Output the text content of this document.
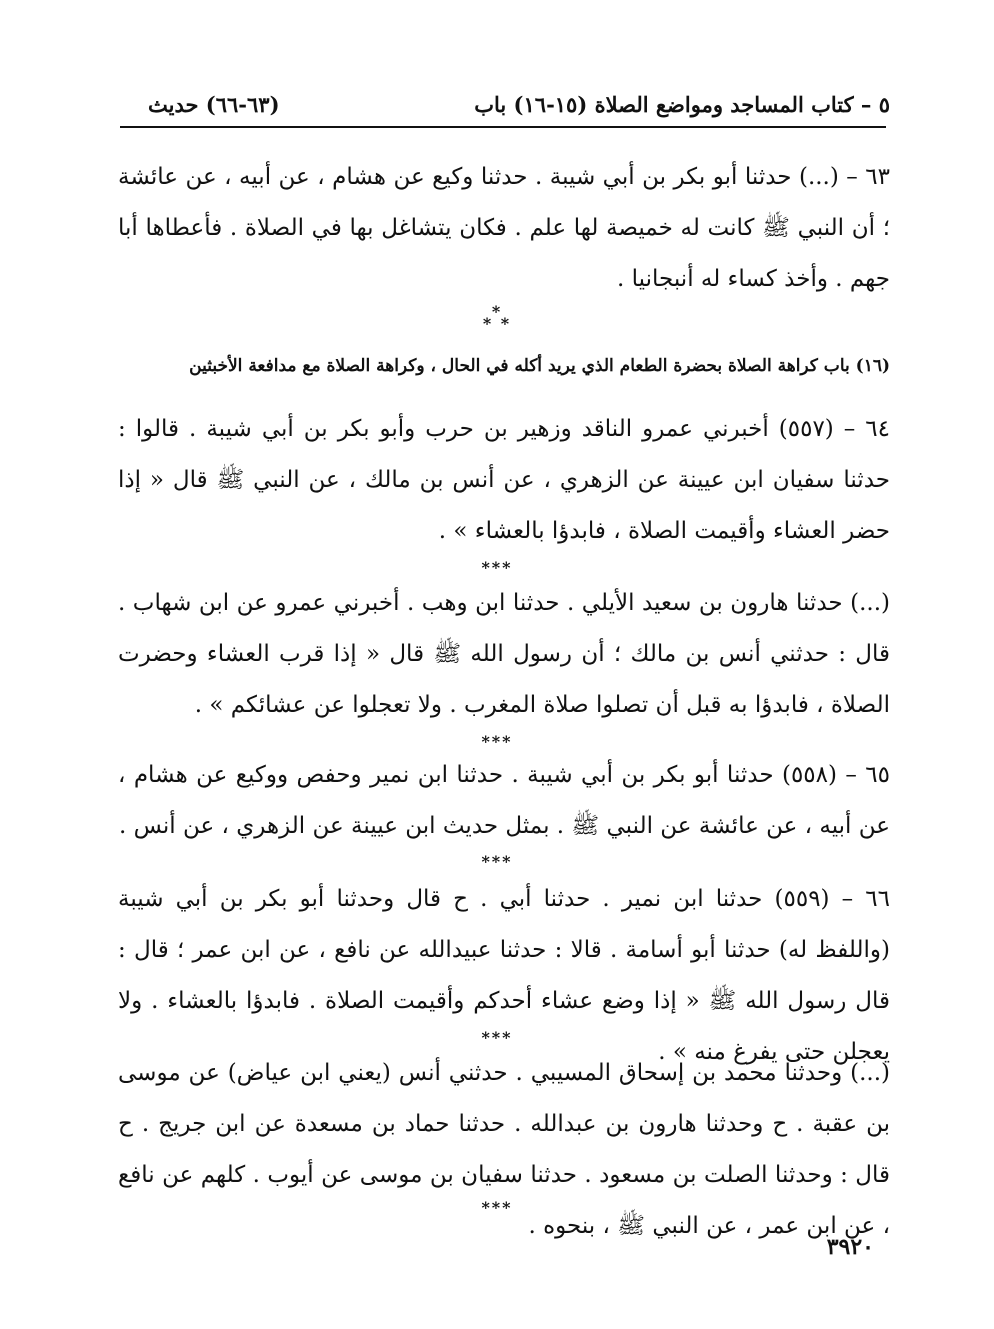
٥ – كتاب المساجد ومواضع الصلاة (١٥-١٦) باب
(٦٣-٦٦) حديث

٦٣ – (...) حدثنا أبو بكر بن أبي شيبة . حدثنا وكيع عن هشام ، عن أبيه ، عن عائشة ؛ أن النبي ﷺ كانت له خميصة لها علم . فكان يتشاغل بها في الصلاة . فأعطاها أبا جهم . وأخذ كساء له أنبجانيا .

*
* *
(١٦) باب كراهة الصلاة بحضرة الطعام الذي يريد أكله في الحال ، وكراهة الصلاة مع مدافعة الأخبثين

٦٤ – (٥٥٧) أخبرني عمرو الناقد وزهير بن حرب وأبو بكر بن أبي شيبة . قالوا : حدثنا سفيان ابن عيينة عن الزهري ، عن أنس بن مالك ، عن النبي ﷺ قال « إذا حضر العشاء وأقيمت الصلاة ، فابدؤا بالعشاء » .

***

(...) حدثنا هارون بن سعيد الأيلي . حدثنا ابن وهب . أخبرني عمرو عن ابن شهاب . قال : حدثني أنس بن مالك ؛ أن رسول الله ﷺ قال « إذا قرب العشاء وحضرت الصلاة ، فابدؤا به قبل أن تصلوا صلاة المغرب . ولا تعجلوا عن عشائكم » .

***

٦٥ – (٥٥٨) حدثنا أبو بكر بن أبي شيبة . حدثنا ابن نمير وحفص ووكيع عن هشام ، عن أبيه ، عن عائشة عن النبي ﷺ . بمثل حديث ابن عيينة عن الزهري ، عن أنس .

***

٦٦ – (٥٥٩) حدثنا ابن نمير . حدثنا أبي . ح قال وحدثنا أبو بكر بن أبي شيبة (واللفظ له) حدثنا أبو أسامة . قالا : حدثنا عبيدالله عن نافع ، عن ابن عمر ؛ قال : قال رسول الله ﷺ « إذا وضع عشاء أحدكم وأقيمت الصلاة . فابدؤا بالعشاء . ولا يعجلن حتى يفرغ منه » .

***

(...) وحدثنا محمد بن إسحاق المسيبي . حدثني أنس (يعني ابن عياض) عن موسى بن عقبة . ح وحدثنا هارون بن عبدالله . حدثنا حماد بن مسعدة عن ابن جريج . ح قال : وحدثنا الصلت بن مسعود . حدثنا سفيان بن موسى عن أيوب . كلهم عن نافع ، عن ابن عمر ، عن النبي ﷺ ، بنحوه .

***
٣٩٢٠
